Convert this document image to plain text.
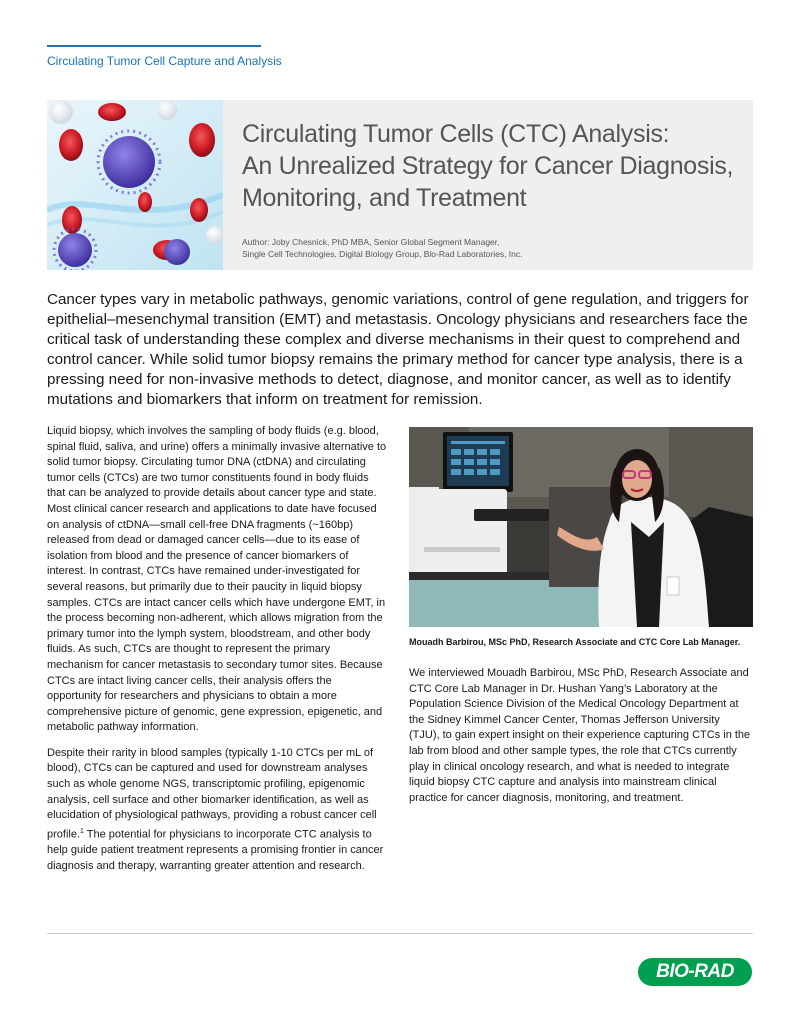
Circulating Tumor Cell Capture and Analysis
Circulating Tumor Cells (CTC) Analysis:
An Unrealized Strategy for Cancer Diagnosis,
Monitoring, and Treatment
Author: Joby Chesnick, PhD MBA, Senior Global Segment Manager,
Single Cell Technologies, Digital Biology Group, Bio-Rad Laboratories, Inc.

Cancer types vary in metabolic pathways, genomic variations, control of gene regulation, and triggers for epithelial–mesenchymal transition (EMT) and metastasis. Oncology physicians and researchers face the critical task of understanding these complex and diverse mechanisms in their quest to comprehend and control cancer. While solid tumor biopsy remains the primary method for cancer type analysis, there is a pressing need for non-invasive methods to detect, diagnose, and monitor cancer, as well as to identify mutations and biomarkers that inform on treatment for remission.

Liquid biopsy, which involves the sampling of body fluids (e.g. blood, spinal fluid, saliva, and urine) offers a minimally invasive alternative to solid tumor biopsy. Circulating tumor DNA (ctDNA) and circulating tumor cells (CTCs) are two tumor constituents found in body fluids that can be analyzed to provide details about cancer type and state. Most clinical cancer research and applications to date have focused on analysis of ctDNA—small cell-free DNA fragments (~160bp) released from dead or damaged cancer cells—due to its ease of isolation from blood and the presence of cancer biomarkers of interest. In contrast, CTCs have remained under-investigated for several reasons, but primarily due to their paucity in liquid biopsy samples. CTCs are intact cancer cells which have undergone EMT, in the process becoming non-adherent, which allows migration from the primary tumor into the lymph system, bloodstream, and other body fluids. As such, CTCs are thought to represent the primary mechanism for cancer metastasis to secondary tumor sites. Because CTCs are intact living cancer cells, their analysis offers the opportunity for researchers and physicians to obtain a more comprehensive picture of genomic, gene expression, epigenetic, and metabolic pathway information.

Despite their rarity in blood samples (typically 1-10 CTCs per mL of blood), CTCs can be captured and used for downstream analyses such as whole genome NGS, transcriptomic profiling, epigenomic analysis, cell surface and other biomarker identification, as well as elucidation of physiological pathways, providing a robust cancer cell profile.$^1$ The potential for physicians to incorporate CTC analysis to help guide patient treatment represents a promising frontier in cancer diagnosis and therapy, warranting greater attention and research.

Mouadh Barbirou, MSc PhD, Research Associate and CTC Core Lab Manager.

We interviewed Mouadh Barbirou, MSc PhD, Research Associate and CTC Core Lab Manager in Dr. Hushan Yang’s Laboratory at the Population Science Division of the Medical Oncology Department at the Sidney Kimmel Cancer Center, Thomas Jefferson University (TJU), to gain expert insight on their experience capturing CTCs in the lab from blood and other sample types, the role that CTCs currently play in clinical oncology research, and what is needed to integrate liquid biopsy CTC capture and analysis into mainstream clinical practice for cancer diagnosis, monitoring, and treatment.

BIO-RAD
